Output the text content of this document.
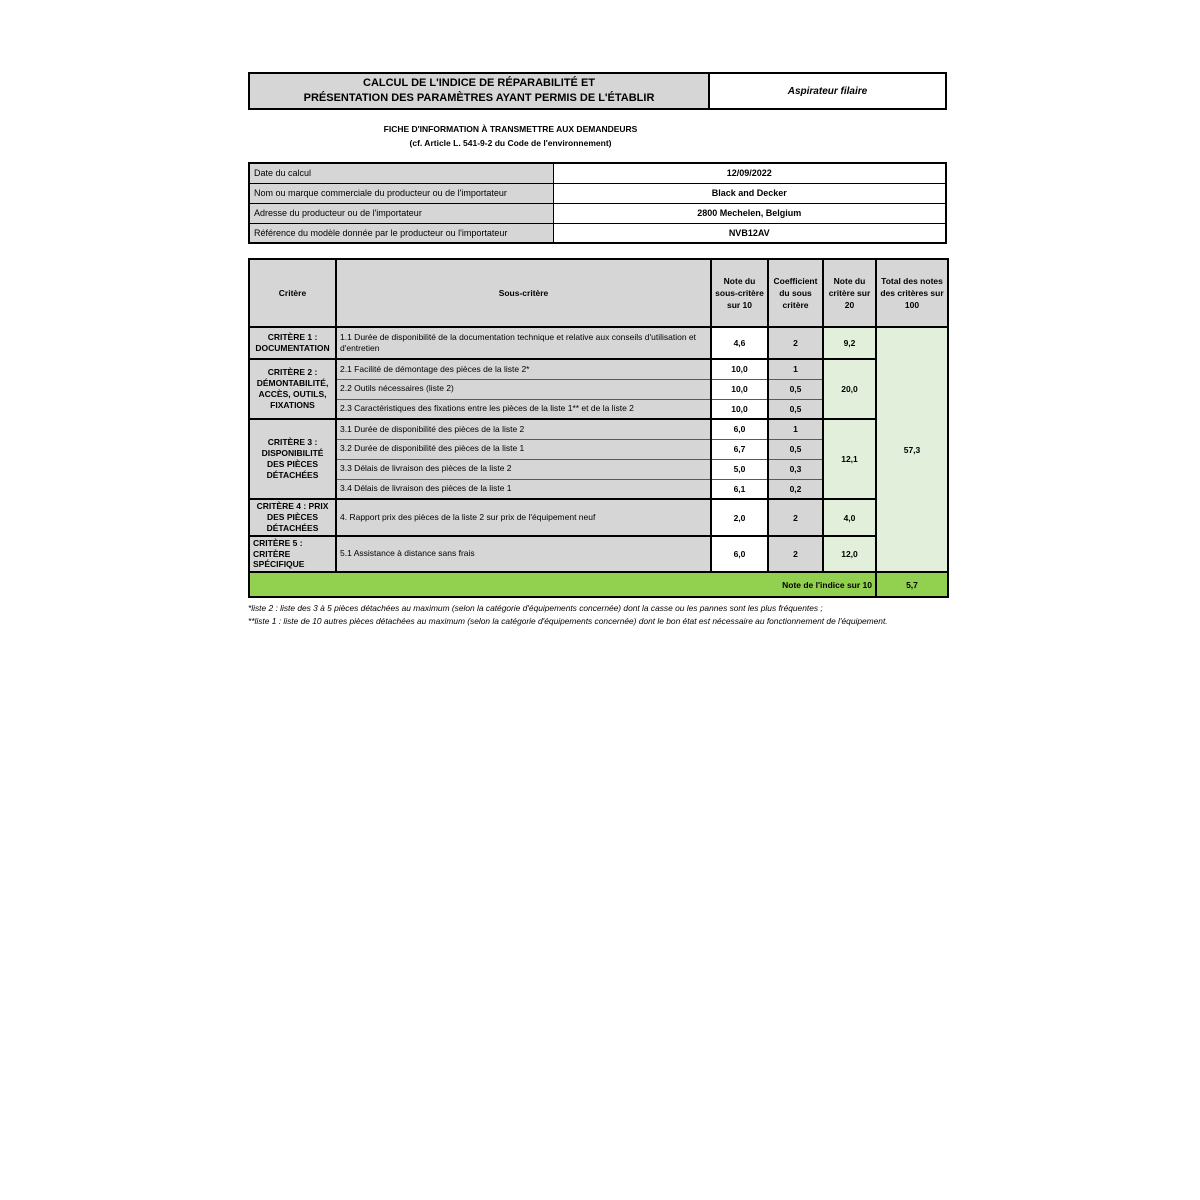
CALCUL DE L'INDICE DE RÉPARABILITÉ ET
PRÉSENTATION DES PARAMÈTRES AYANT PERMIS DE L'ÉTABLIR
Aspirateur filaire
FICHE D'INFORMATION À TRANSMETTRE AUX DEMANDEURS
(cf. Article L. 541-9-2 du Code de l'environnement)
Date du calcul	12/09/2022
Nom ou marque commerciale du producteur ou de l'importateur	Black and Decker
Adresse du producteur ou de l'importateur	2800 Mechelen, Belgium
Référence du modèle donnée par le producteur ou l'importateur	NVB12AV
Critère	Sous-critère	Note du sous-critère sur 10	Coefficient du sous critère	Note du critère sur 20	Total des notes des critères sur 100
CRITÈRE 1 : DOCUMENTATION	1.1 Durée de disponibilité de la documentation technique et relative aux conseils d'utilisation et d'entretien	4,6	2	9,2	57,3
CRITÈRE 2 : DÉMONTABILITÉ, ACCÈS, OUTILS, FIXATIONS	2.1 Facilité de démontage des pièces de la liste 2*	10,0	1	20,0	
	2.2 Outils nécessaires (liste 2)	10,0	0,5		
	2.3 Caractéristiques des fixations entre les pièces de la liste 1** et de la liste 2	10,0	0,5		
CRITÈRE 3 : DISPONIBILITÉ DES PIÈCES DÉTACHÉES	3.1 Durée de disponibilité des pièces de la liste 2	6,0	1	12,1	
	3.2 Durée de disponibilité des pièces de la liste 1	6,7	0,5		
	3.3 Délais de livraison des pièces de la liste 2	5,0	0,3		
	3.4 Délais de livraison des pièces de la liste 1	6,1	0,2		
CRITÈRE 4 : PRIX DES PIÈCES DÉTACHÉES	4. Rapport prix des pièces de la liste 2 sur prix de l'équipement neuf	2,0	2	4,0	
CRITÈRE 5 : CRITÈRE SPÉCIFIQUE	5.1 Assistance à distance sans frais	6,0	2	12,0	
Note de l'indice sur 10					5,7
*liste 2 : liste des 3 à 5 pièces détachées au maximum (selon la catégorie d'équipements concernée) dont la casse ou les pannes sont les plus fréquentes ;
**liste 1 : liste de 10 autres pièces détachées au maximum (selon la catégorie d'équipements concernée) dont le bon état est nécessaire au fonctionnement de l'équipement.
